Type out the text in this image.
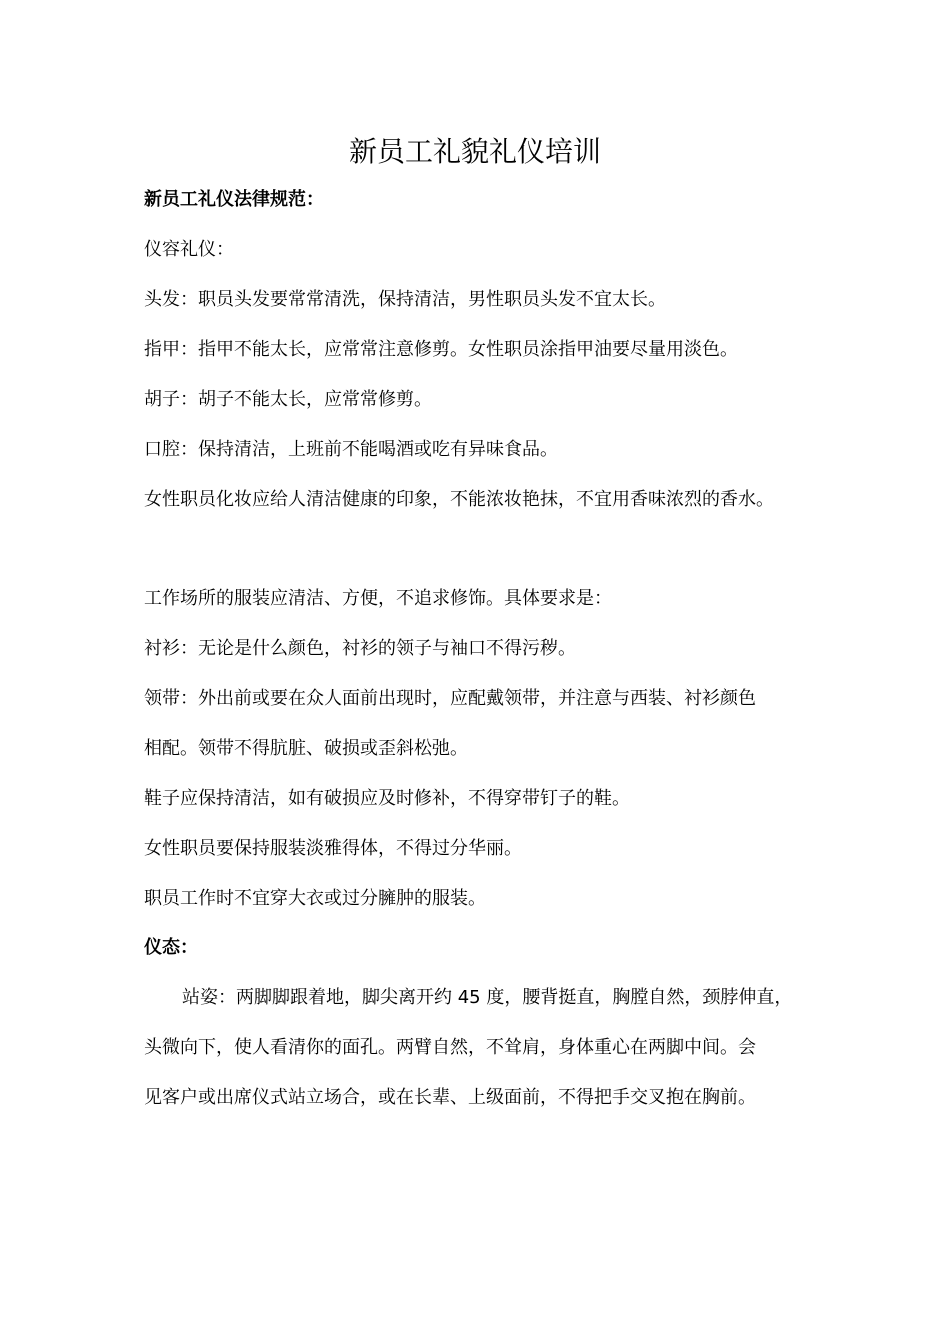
新员工礼貌礼仪培训

新员工礼仪法律规范：

仪容礼仪：

头发：职员头发要常常清洗，保持清洁，男性职员头发不宜太长。

指甲：指甲不能太长，应常常注意修剪。女性职员涂指甲油要尽量用淡色。

胡子：胡子不能太长，应常常修剪。

口腔：保持清洁，上班前不能喝酒或吃有异味食品。

女性职员化妆应给人清洁健康的印象，不能浓妆艳抹，不宜用香味浓烈的香水。

工作场所的服装应清洁、方便，不追求修饰。具体要求是：

衬衫：无论是什么颜色，衬衫的领子与袖口不得污秽。

领带：外出前或要在众人面前出现时，应配戴领带，并注意与西装、衬衫颜色

相配。领带不得肮脏、破损或歪斜松弛。

鞋子应保持清洁，如有破损应及时修补，不得穿带钉子的鞋。

女性职员要保持服装淡雅得体，不得过分华丽。

职员工作时不宜穿大衣或过分臃肿的服装。

仪态：

站姿：两脚脚跟着地，脚尖离开约 45 度，腰背挺直，胸膛自然，颈脖伸直，

头微向下，使人看清你的面孔。两臂自然，不耸肩，身体重心在两脚中间。会

见客户或出席仪式站立场合，或在长辈、上级面前，不得把手交叉抱在胸前。
